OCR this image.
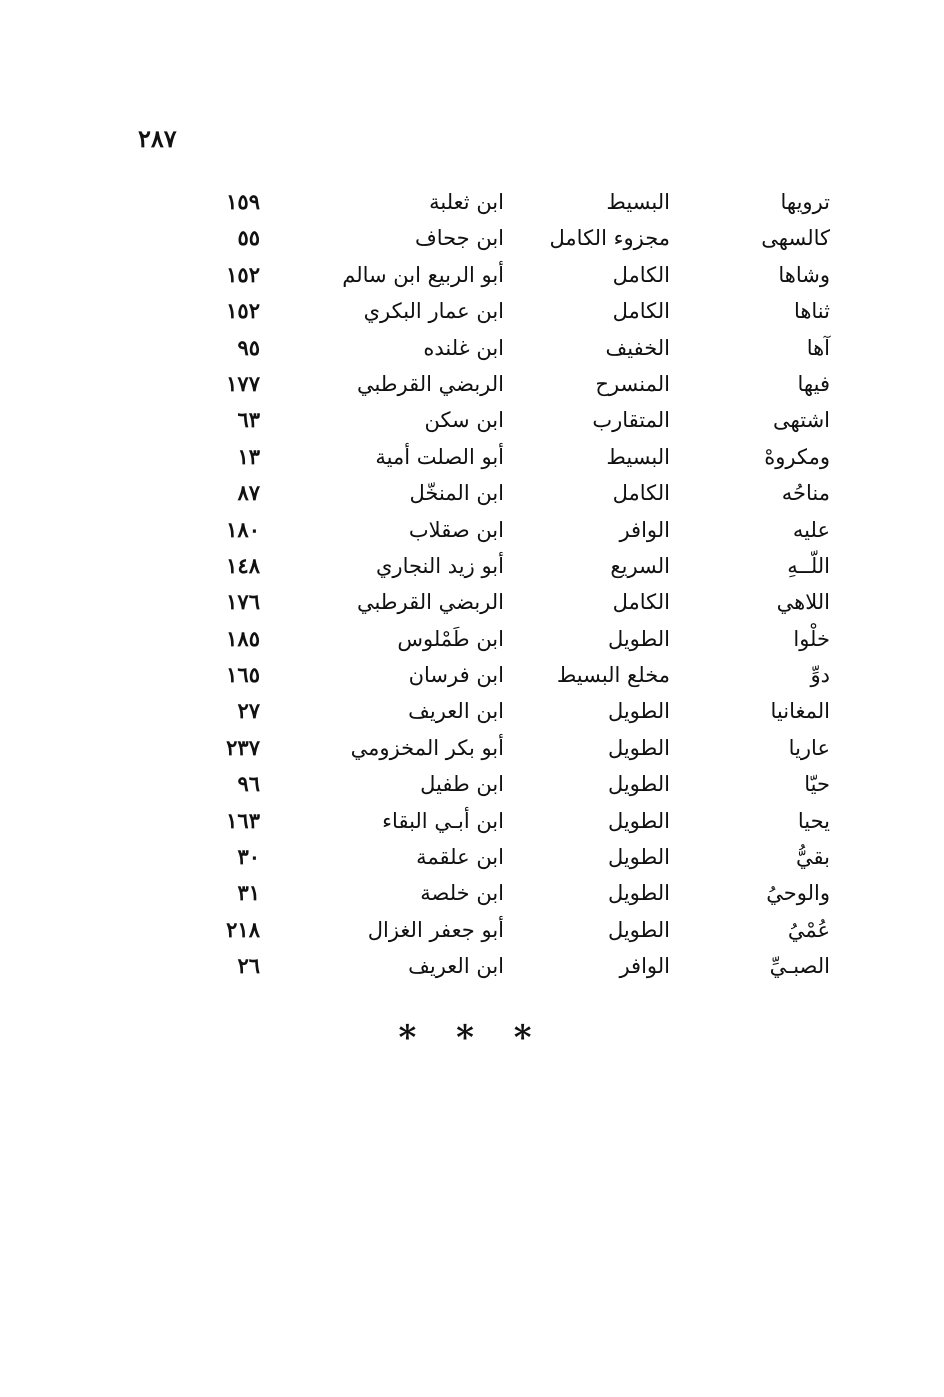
٢٨٧
ترويها
البسيط
ابن ثعلبة
١٥٩
كالسهى
مجزوء الكامل
ابن جحاف
٥٥
وشاها
الكامل
أبو الربيع ابن سالم
١٥٢
ثناها
الكامل
ابن عمار البكري
١٥٢
آها
الخفيف
ابن غلنده
٩٥
فيها
المنسرح
الربضي القرطبي
١٧٧
اشتهى
المتقارب
ابن سكن
٦٣
ومكروهْ
البسيط
أبو الصلت أمية
١٣
مناحُه
الكامل
ابن المنخّل
٨٧
عليه
الوافر
ابن صقلاب
١٨٠
اللّــهِ
السريع
أبو زيد النجاري
١٤٨
اللاهي
الكامل
الربضي القرطبي
١٧٦
خلْوا
الطويل
ابن طَمْلوس
١٨٥
دوِّ
مخلع البسيط
ابن فرسان
١٦٥
المغانيا
الطويل
ابن العريف
٢٧
عاريا
الطويل
أبو بكر المخزومي
٢٣٧
حيّا
الطويل
ابن طفيل
٩٦
يحيا
الطويل
ابن أبـي البقاء
١٦٣
بقيُّ
الطويل
ابن علقمة
٣٠
والوحيُ
الطويل
ابن خلصة
٣١
عُمْيُ
الطويل
أبو جعفر الغزال
٢١٨
الصبـيِّ
الوافر
ابن العريف
٢٦
* * *
